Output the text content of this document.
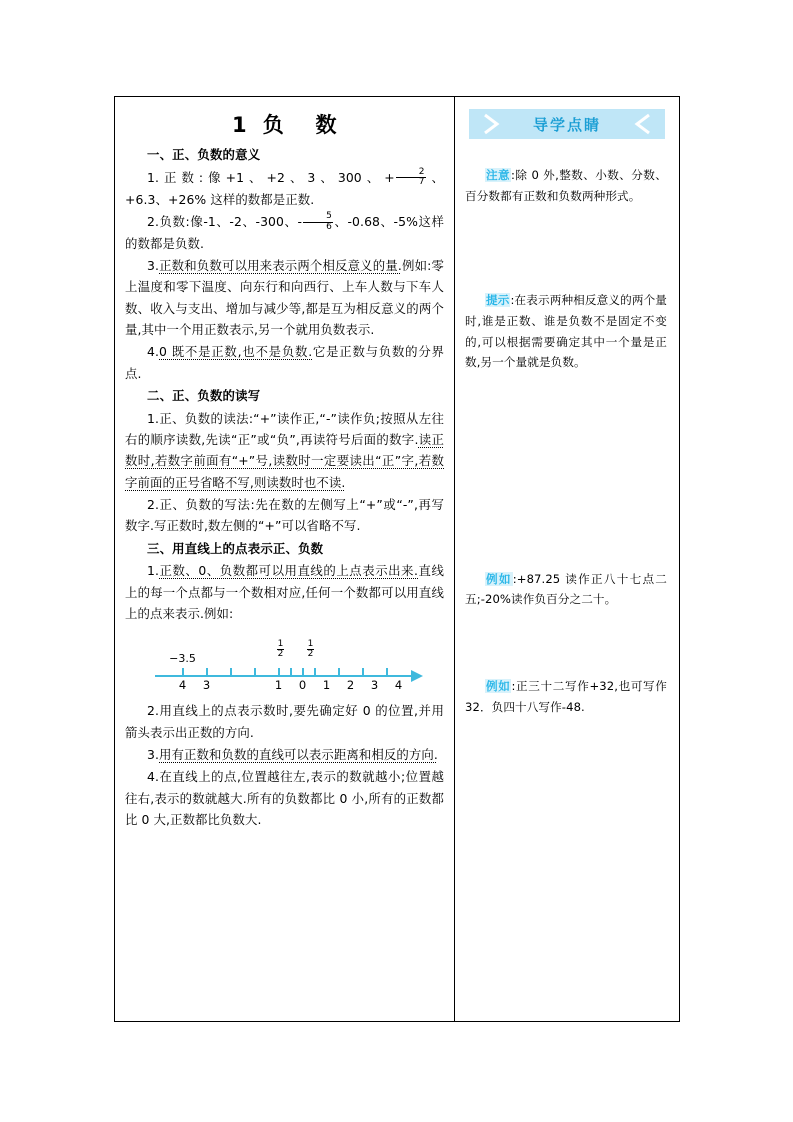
1  负    数
一、正、负数的意义
1.正数:像+1、+2、3、300、+ $\frac{2}{7}$ 、+6.3、+26% 这样的数都是正数.
2.负数:像-1、-2、-300、- $\frac{5}{6}$ 、-0.68、-5%这样的数都是负数.
3.正数和负数可以用来表示两个相反意义的量.例如:零上温度和零下温度、向东行和向西行、上车人数与下车人数、收入与支出、增加与减少等,都是互为相反意义的两个量,其中一个用正数表示,另一个就用负数表示.
4.0 既不是正数,也不是负数.它是正数与负数的分界点.
二、正、负数的读写
1.正、负数的读法:“+”读作正,“-”读作负;按照从左往右的顺序读数,先读“正”或“负”,再读符号后面的数字.读正数时,若数字前面有“+”号,读数时一定要读出“正”字,若数字前面的正号省略不写,则读数时也不读.
2.正、负数的写法:先在数的左侧写上“+”或“-”,再写数字.写正数时,数左侧的“+”可以省略不写.
三、用直线上的点表示正、负数
1.正数、0、负数都可以用直线的上点表示出来.直线上的每一个点都与一个数相对应,任何一个数都可以用直线上的点来表示.例如:
−3.5	$\frac{1}{2} \frac{1}{2}$
4	3	1	0	1	2	3	4
2.用直线上的点表示数时,要先确定好 0 的位置,并用箭头表示出正数的方向.
3.用有正数和负数的直线可以表示距离和相反的方向.
4.在直线上的点,位置越往左,表示的数就越小;位置越往右,表示的数就越大.所有的负数都比 0 小,所有的正数都比 0 大,正数都比负数大.
导学点睛
注意:除 0 外,整数、小数、分数、百分数都有正数和负数两种形式。
提示:在表示两种相反意义的两个量时,谁是正数、谁是负数不是固定不变的,可以根据需要确定其中一个量是正数,另一个量就是负数。
例如:+87.25 读作正八十七点二五;-20%读作负百分之二十。
例如:正三十二写作+32,也可写作32．负四十八写作-48.
